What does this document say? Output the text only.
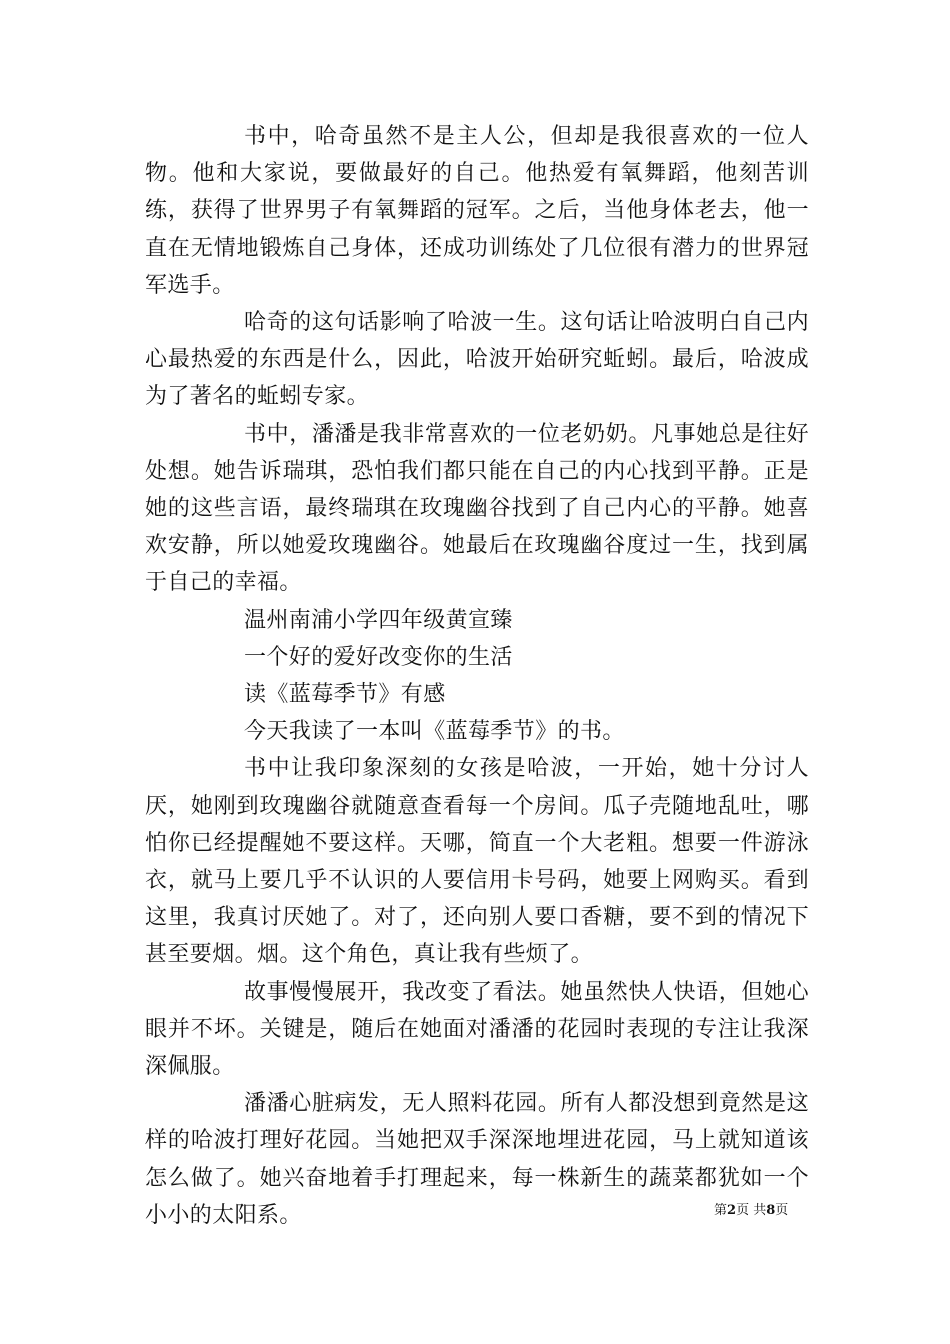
书中，哈奇虽然不是主人公，但却是我很喜欢的一位人物。他和大家说，要做最好的自己。他热爱有氧舞蹈，他刻苦训练，获得了世界男子有氧舞蹈的冠军。之后，当他身体老去，他一直在无情地锻炼自己身体，还成功训练处了几位很有潜力的世界冠军选手。

哈奇的这句话影响了哈波一生。这句话让哈波明白自己内心最热爱的东西是什么，因此，哈波开始研究蚯蚓。最后，哈波成为了著名的蚯蚓专家。

书中，潘潘是我非常喜欢的一位老奶奶。凡事她总是往好处想。她告诉瑞琪，恐怕我们都只能在自己的内心找到平静。正是她的这些言语，最终瑞琪在玫瑰幽谷找到了自己内心的平静。她喜欢安静，所以她爱玫瑰幽谷。她最后在玫瑰幽谷度过一生，找到属于自己的幸福。

温州南浦小学四年级黄宣臻

一个好的爱好改变你的生活

读《蓝莓季节》有感

今天我读了一本叫《蓝莓季节》的书。

书中让我印象深刻的女孩是哈波，一开始，她十分讨人厌，她刚到玫瑰幽谷就随意查看每一个房间。瓜子壳随地乱吐，哪怕你已经提醒她不要这样。天哪，简直一个大老粗。想要一件游泳衣，就马上要几乎不认识的人要信用卡号码，她要上网购买。看到这里，我真讨厌她了。对了，还向别人要口香糖，要不到的情况下甚至要烟。烟。这个角色，真让我有些烦了。

故事慢慢展开，我改变了看法。她虽然快人快语，但她心眼并不坏。关键是，随后在她面对潘潘的花园时表现的专注让我深深佩服。

潘潘心脏病发，无人照料花园。所有人都没想到竟然是这样的哈波打理好花园。当她把双手深深地埋进花园，马上就知道该怎么做了。她兴奋地着手打理起来，每一株新生的蔬菜都犹如一个小小的太阳系。	第2页 共8页
